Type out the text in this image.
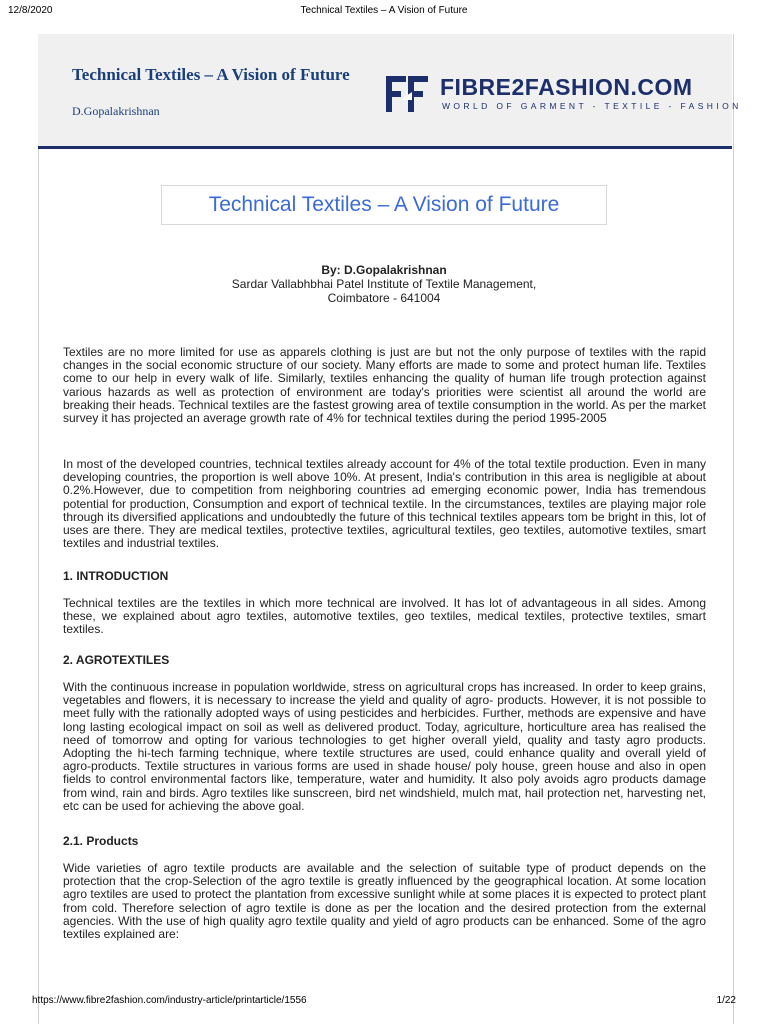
12/8/2020	Technical Textiles – A Vision of Future
Technical Textiles – A Vision of Future
D.Gopalakrishnan
FIBRE2FASHION.COM
WORLD OF GARMENT - TEXTILE - FASHION
Technical Textiles – A Vision of Future
By: D.Gopalakrishnan
Sardar Vallabhbhai Patel Institute of Textile Management,
Coimbatore - 641004

Textiles are no more limited for use as apparels clothing is just are but not the only purpose of textiles with the rapid changes in the social economic structure of our society. Many efforts are made to some and protect human life. Textiles come to our help in every walk of life. Similarly, textiles enhancing the quality of human life trough protection against various hazards as well as protection of environment are today's priorities were scientist all around the world are breaking their heads. Technical textiles are the fastest growing area of textile consumption in the world. As per the market survey it has projected an average growth rate of 4% for technical textiles during the period 1995-2005

In most of the developed countries, technical textiles already account for 4% of the total textile production. Even in many developing countries, the proportion is well above 10%. At present, India's contribution in this area is negligible at about 0.2%.However, due to competition from neighboring countries ad emerging economic power, India has tremendous potential for production, Consumption and export of technical textile. In the circumstances, textiles are playing major role through its diversified applications and undoubtedly the future of this technical textiles appears tom be bright in this, lot of uses are there. They are medical textiles, protective textiles, agricultural textiles, geo textiles, automotive textiles, smart textiles and industrial textiles.

1. INTRODUCTION

Technical textiles are the textiles in which more technical are involved. It has lot of advantageous in all sides. Among these, we explained about agro textiles, automotive textiles, geo textiles, medical textiles, protective textiles, smart textiles.

2. AGROTEXTILES

With the continuous increase in population worldwide, stress on agricultural crops has increased. In order to keep grains, vegetables and flowers, it is necessary to increase the yield and quality of agro- products. However, it is not possible to meet fully with the rationally adopted ways of using pesticides and herbicides. Further, methods are expensive and have long lasting ecological impact on soil as well as delivered product. Today, agriculture, horticulture area has realised the need of tomorrow and opting for various technologies to get higher overall yield, quality and tasty agro products. Adopting the hi-tech farming technique, where textile structures are used, could enhance quality and overall yield of agro-products. Textile structures in various forms are used in shade house/ poly house, green house and also in open fields to control environmental factors like, temperature, water and humidity. It also poly avoids agro products damage from wind, rain and birds. Agro textiles like sunscreen, bird net windshield, mulch mat, hail protection net, harvesting net, etc can be used for achieving the above goal.

2.1. Products

Wide varieties of agro textile products are available and the selection of suitable type of product depends on the protection that the crop-Selection of the agro textile is greatly influenced by the geographical location. At some location agro textiles are used to protect the plantation from excessive sunlight while at some places it is expected to protect plant from cold. Therefore selection of agro textile is done as per the location and the desired protection from the external agencies. With the use of high quality agro textile quality and yield of agro products can be enhanced. Some of the agro textiles explained are:

https://www.fibre2fashion.com/industry-article/printarticle/1556	1/22
